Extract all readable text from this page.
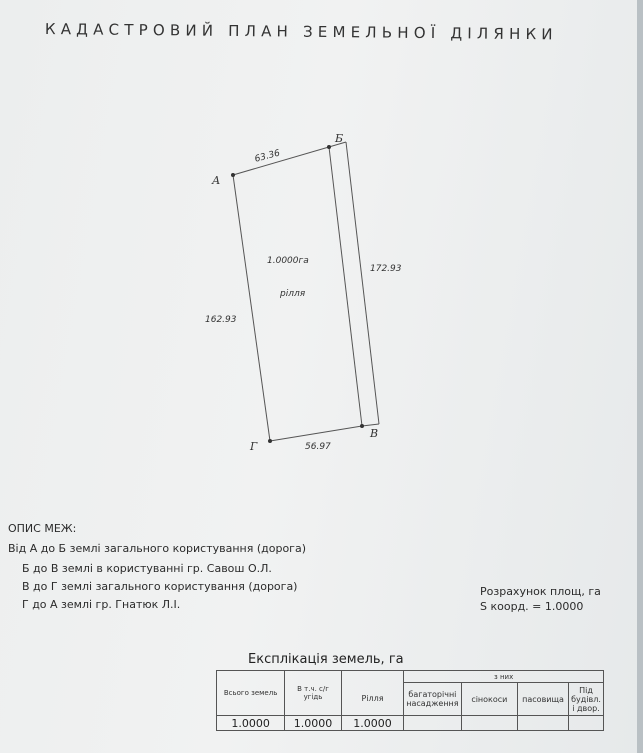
КАДАСТРОВИЙ ПЛАН ЗЕМЕЛЬНОЇ ДІЛЯНКИ
А
Б
В
Г
63.36
172.93
56.97
162.93
1.0000га
рілля
ОПИС МЕЖ:
Від А до Б землі загального користування (дорога)
Б до В землі в користуванні гр. Савош О.Л.
В до Г землі загального користування (дорога)
Г до А землі гр. Гнатюк Л.І.
Розрахунок площ, га
S коорд. = 1.0000
Експлікація земель, га
Всього земель	В т.ч. с/г угідь		з них			
		Рілля	багаторічні насадження	сінокоси	пасовища	Під будівл. і двор.
1.0000	1.0000	1.0000				
